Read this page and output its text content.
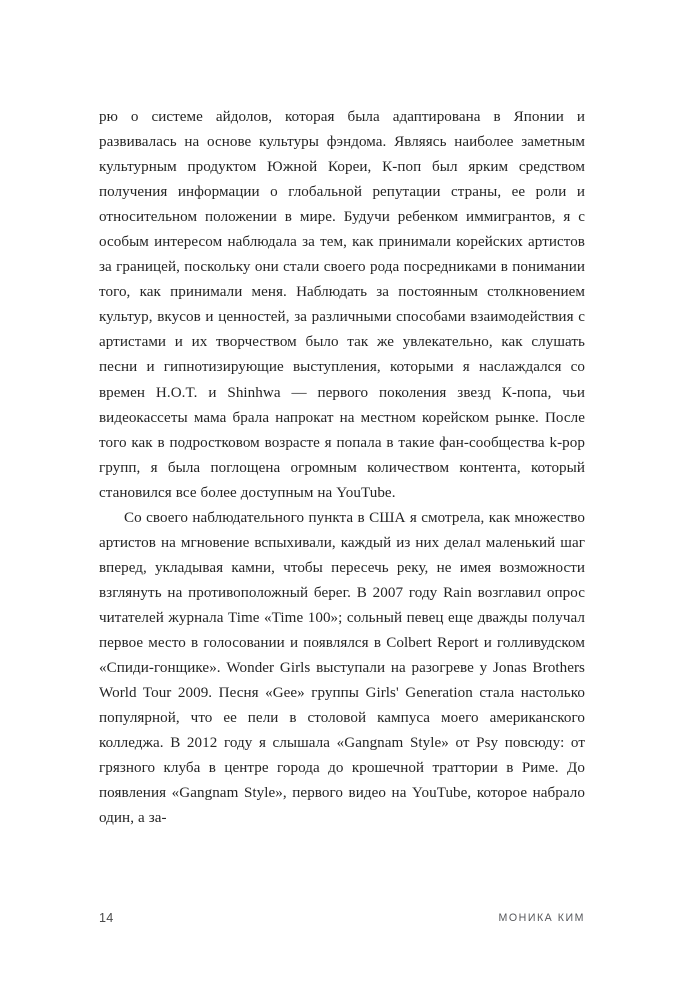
рю о системе айдолов, которая была адаптирована в Японии и развивалась на основе культуры фэндома. Являясь наиболее заметным культурным продуктом Южной Кореи, К-поп был ярким средством получения информации о глобальной репутации страны, ее роли и относительном положении в мире. Будучи ребенком иммигрантов, я с особым интересом наблюдала за тем, как принимали корейских артистов за границей, поскольку они стали своего рода посредниками в понимании того, как принимали меня. Наблюдать за постоянным столкновением культур, вкусов и ценностей, за различными способами взаимодействия с артистами и их творчеством было так же увлекательно, как слушать песни и гипнотизирующие выступления, которыми я наслаждался со времен H.O.T. и Shinhwa — первого поколения звезд К-попа, чьи видеокассеты мама брала напрокат на местном корейском рынке. После того как в подростковом возрасте я попала в такие фан-сообщества k-pop групп, я была поглощена огромным количеством контента, который становился все более доступным на YouTube.

Со своего наблюдательного пункта в США я смотрела, как множество артистов на мгновение вспыхивали, каждый из них делал маленький шаг вперед, укладывая камни, чтобы пересечь реку, не имея возможности взглянуть на противоположный берег. В 2007 году Rain возглавил опрос читателей журнала Time «Time 100»; сольный певец еще дважды получал первое место в голосовании и появлялся в Colbert Report и голливудском «Спиди-гонщике». Wonder Girls выступали на разогреве у Jonas Brothers World Tour 2009. Песня «Gee» группы Girls' Generation стала настолько популярной, что ее пели в столовой кампуса моего американского колледжа. В 2012 году я слышала «Gangnam Style» от Psy повсюду: от грязного клуба в центре города до крошечной траттории в Риме. До появления «Gangnam Style», первого видео на YouTube, которое набрало один, а за-

14	МОНИКА КИМ
